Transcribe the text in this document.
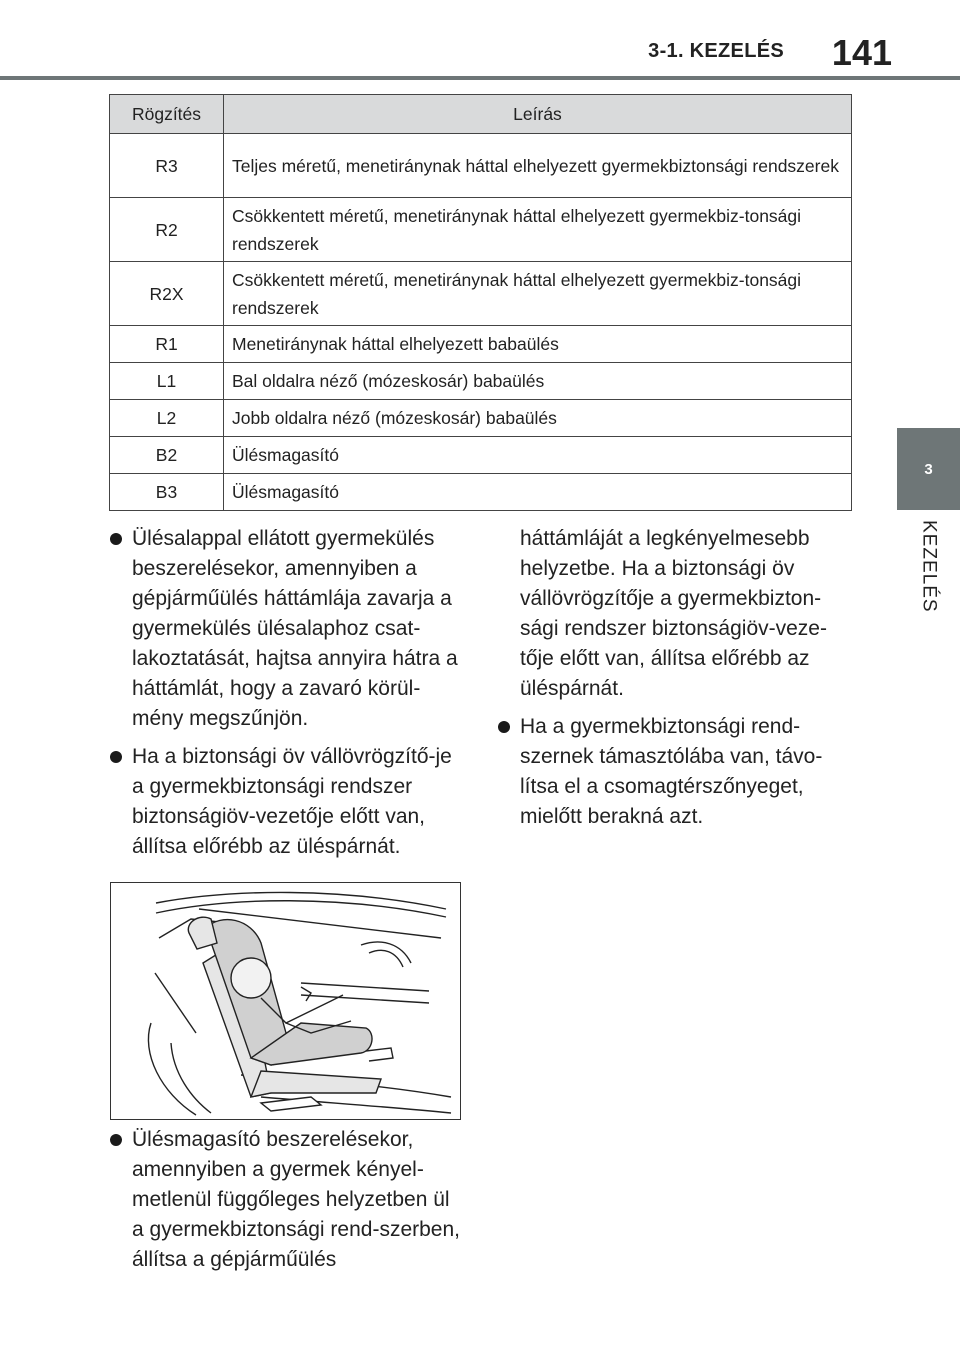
3-1. KEZELÉS	141
3
KEZELÉS
Rögzítés	Leírás
R3	Teljes méretű, menetiránynak háttal elhelyezett gyermekbiztonsági rendszerek
R2	Csökkentett méretű, menetiránynak háttal elhelyezett gyermekbiz-tonsági rendszerek
R2X	Csökkentett méretű, menetiránynak háttal elhelyezett gyermekbiz-tonsági rendszerek
R1	Menetiránynak háttal elhelyezett babaülés
L1	Bal oldalra néző (mózeskosár) babaülés
L2	Jobb oldalra néző (mózeskosár) babaülés
B2	Ülésmagasító
B3	Ülésmagasító
Ülésalappal ellátott gyermekülés beszerelésekor, amennyiben a gépjárműülés háttámlája zavarja a gyermekülés ülésalaphoz csat-lakoztatását, hajtsa annyira hátra a háttámlát, hogy a zavaró körül-mény megszűnjön.
Ha a biztonsági öv vállövrögzítő-je a gyermekbiztonsági rendszer biztonságiöv-vezetője előtt van, állítsa előrébb az üléspárnát.
Ülésmagasító beszerelésekor, amennyiben a gyermek kényel-metlenül függőleges helyzetben ül a gyermekbiztonsági rend-szerben, állítsa a gépjárműülés
háttámláját a legkényelmesebb helyzetbe. Ha a biztonsági öv vállövrögzítője a gyermekbizton-sági rendszer biztonságiöv-veze-tője előtt van, állítsa előrébb az üléspárnát.
Ha a gyermekbiztonsági rend-szernek támasztólába van, távo-lítsa el a csomagtérszőnyeget, mielőtt berakná azt.
